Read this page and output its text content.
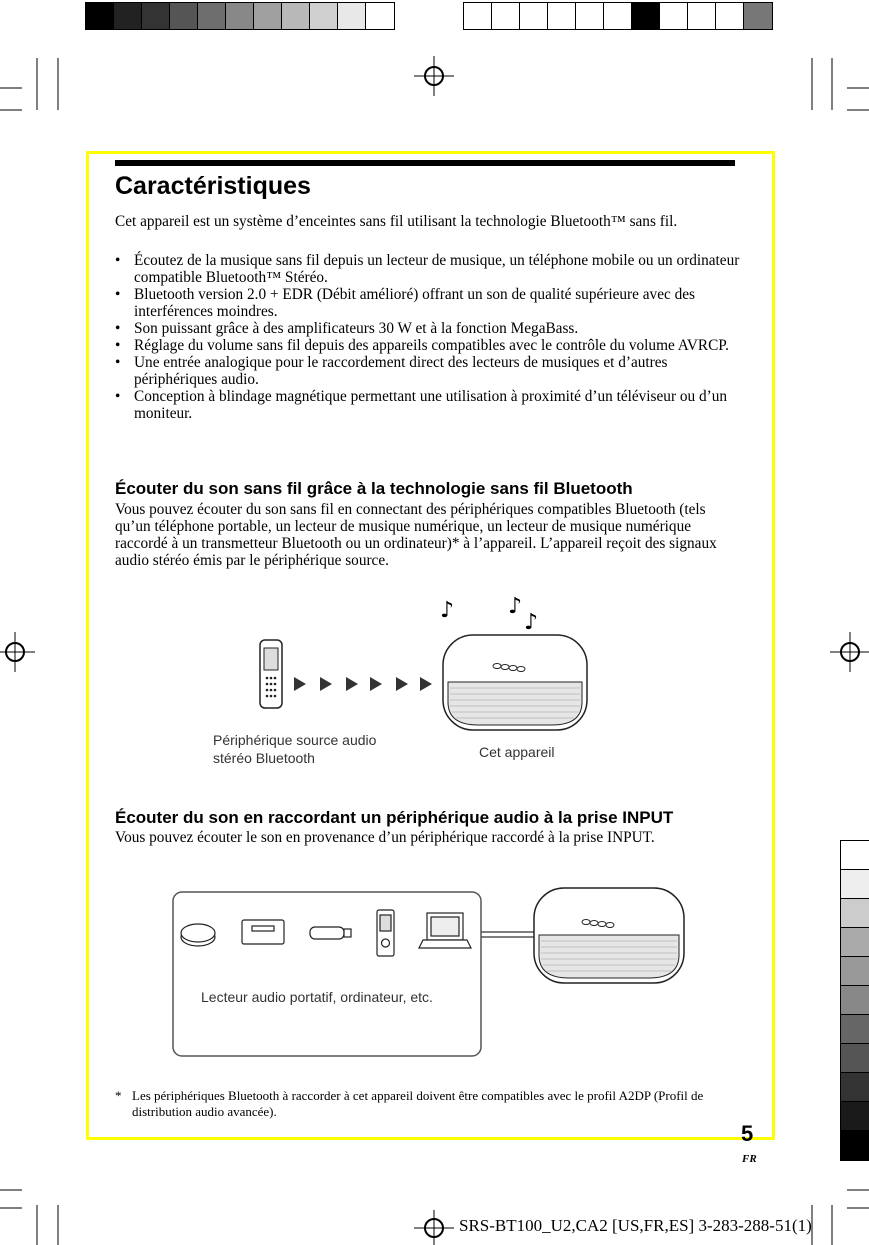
Caractéristiques

Cet appareil est un système d’enceintes sans fil utilisant la technologie Bluetooth™ sans fil.

• Écoutez de la musique sans fil depuis un lecteur de musique, un téléphone mobile ou un ordinateur compatible Bluetooth™ Stéréo.
• Bluetooth version 2.0 + EDR (Débit amélioré) offrant un son de qualité supérieure avec des interférences moindres.
• Son puissant grâce à des amplificateurs 30 W et à la fonction MegaBass.
• Réglage du volume sans fil depuis des appareils compatibles avec le contrôle du volume AVRCP.
• Une entrée analogique pour le raccordement direct des lecteurs de musiques et d’autres périphériques audio.
• Conception à blindage magnétique permettant une utilisation à proximité d’un téléviseur ou d’un moniteur.
Écouter du son sans fil grâce à la technologie sans fil Bluetooth

Vous pouvez écouter du son sans fil en connectant des périphériques compatibles Bluetooth (tels qu’un téléphone portable, un lecteur de musique numérique, un lecteur de musique numérique raccordé à un transmetteur Bluetooth ou un ordinateur)* à l’appareil. L’appareil reçoit des signaux audio stéréo émis par le périphérique source.

♪ ♪
♪
Périphérique source audio
stéréo Bluetooth	Cet appareil
Écouter du son en raccordant un périphérique audio à la prise INPUT

Vous pouvez écouter le son en provenance d’un périphérique raccordé à la prise INPUT.

Lecteur audio portatif, ordinateur, etc.
* Les périphériques Bluetooth à raccorder à cet appareil doivent être compatibles avec le profil A2DP (Profil de distribution audio avancée).
5
FR
SRS-BT100_U2,CA2 [US,FR,ES] 3-283-288-51(1)
